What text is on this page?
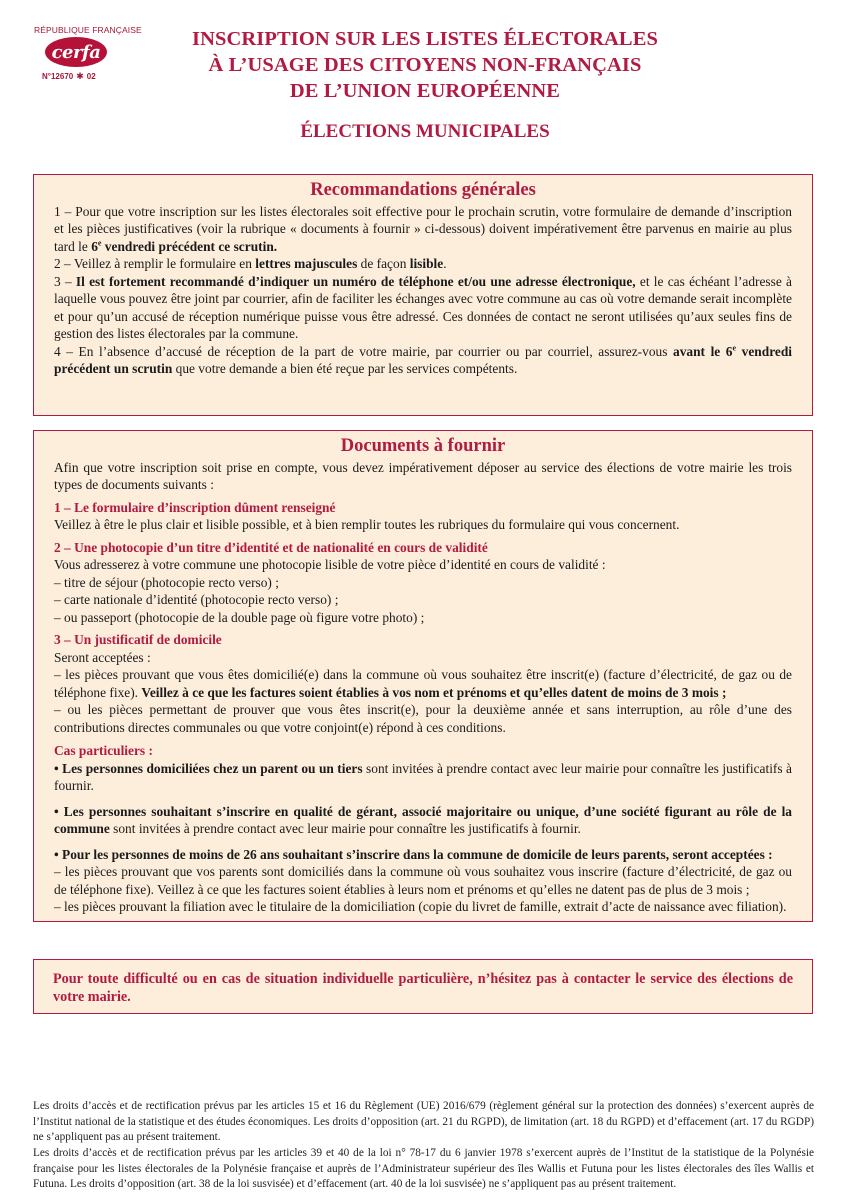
RÉPUBLIQUE FRANÇAISE
cerfa
N°12670 ✱ 02
INSCRIPTION SUR LES LISTES ÉLECTORALES
À L’USAGE DES CITOYENS NON-FRANÇAIS
DE L’UNION EUROPÉENNE
ÉLECTIONS MUNICIPALES
Recommandations générales

1 – Pour que votre inscription sur les listes électorales soit effective pour le prochain scrutin, votre formulaire de demande d’inscription et les pièces justificatives (voir la rubrique « documents à fournir » ci-dessous) doivent impérativement être parvenus en mairie au plus tard le 6e vendredi précédent ce scrutin.

2 – Veillez à remplir le formulaire en lettres majuscules de façon lisible.

3 – Il est fortement recommandé d’indiquer un numéro de téléphone et/ou une adresse électronique, et le cas échéant l’adresse à laquelle vous pouvez être joint par courrier, afin de faciliter les échanges avec votre commune au cas où votre demande serait incomplète et pour qu’un accusé de réception numérique puisse vous être adressé. Ces données de contact ne seront utilisées qu’aux seules fins de gestion des listes électorales par la commune.

4 – En l’absence d’accusé de réception de la part de votre mairie, par courrier ou par courriel, assurez-vous avant le 6e vendredi précédent un scrutin que votre demande a bien été reçue par les services compétents.

Documents à fournir

Afin que votre inscription soit prise en compte, vous devez impérativement déposer au service des élections de votre mairie les trois types de documents suivants :

1 – Le formulaire d’inscription dûment renseigné

Veillez à être le plus clair et lisible possible, et à bien remplir toutes les rubriques du formulaire qui vous concernent.

2 – Une photocopie d’un titre d’identité et de nationalité en cours de validité

Vous adresserez à votre commune une photocopie lisible de votre pièce d’identité en cours de validité :

– titre de séjour (photocopie recto verso) ;

– carte nationale d’identité (photocopie recto verso) ;

– ou passeport (photocopie de la double page où figure votre photo) ;

3 – Un justificatif de domicile

Seront acceptées :

– les pièces prouvant que vous êtes domicilié(e) dans la commune où vous souhaitez être inscrit(e) (facture d’électricité, de gaz ou de téléphone fixe). Veillez à ce que les factures soient établies à vos nom et prénoms et qu’elles datent de moins de 3 mois ;

– ou les pièces permettant de prouver que vous êtes inscrit(e), pour la deuxième année et sans interruption, au rôle d’une des contributions directes communales ou que votre conjoint(e) répond à ces conditions.

Cas particuliers :

• Les personnes domiciliées chez un parent ou un tiers sont invitées à prendre contact avec leur mairie pour connaître les justificatifs à fournir.

• Les personnes souhaitant s’inscrire en qualité de gérant, associé majoritaire ou unique, d’une société figurant au rôle de la commune sont invitées à prendre contact avec leur mairie pour connaître les justificatifs à fournir.

• Pour les personnes de moins de 26 ans souhaitant s’inscrire dans la commune de domicile de leurs parents, seront acceptées :

– les pièces prouvant que vos parents sont domiciliés dans la commune où vous souhaitez vous inscrire (facture d’électricité, de gaz ou de téléphone fixe). Veillez à ce que les factures soient établies à leurs nom et prénoms et qu’elles ne datent pas de plus de 3 mois ;

– les pièces prouvant la filiation avec le titulaire de la domiciliation (copie du livret de famille, extrait d’acte de naissance avec filiation).

Pour toute difficulté ou en cas de situation individuelle particulière, n’hésitez pas à contacter le service des élections de votre mairie.

Les droits d’accès et de rectification prévus par les articles 15 et 16 du Règlement (UE) 2016/679 (règlement général sur la protection des données) s’exercent auprès de l’Institut national de la statistique et des études économiques. Les droits d’opposition (art. 21 du RGPD), de limitation (art. 18 du RGPD) et d’effacement (art. 17 du RGDP) ne s’appliquent pas au présent traitement.

Les droits d’accès et de rectification prévus par les articles 39 et 40 de la loi n° 78-17 du 6 janvier 1978 s’exercent auprès de l’Institut de la statistique de la Polynésie française pour les listes électorales de la Polynésie française et auprès de l’Administrateur supérieur des îles Wallis et Futuna pour les listes électorales des îles Wallis et Futuna. Les droits d’opposition (art. 38 de la loi susvisée) et d’effacement (art. 40 de la loi susvisée) ne s’appliquent pas au présent traitement.
